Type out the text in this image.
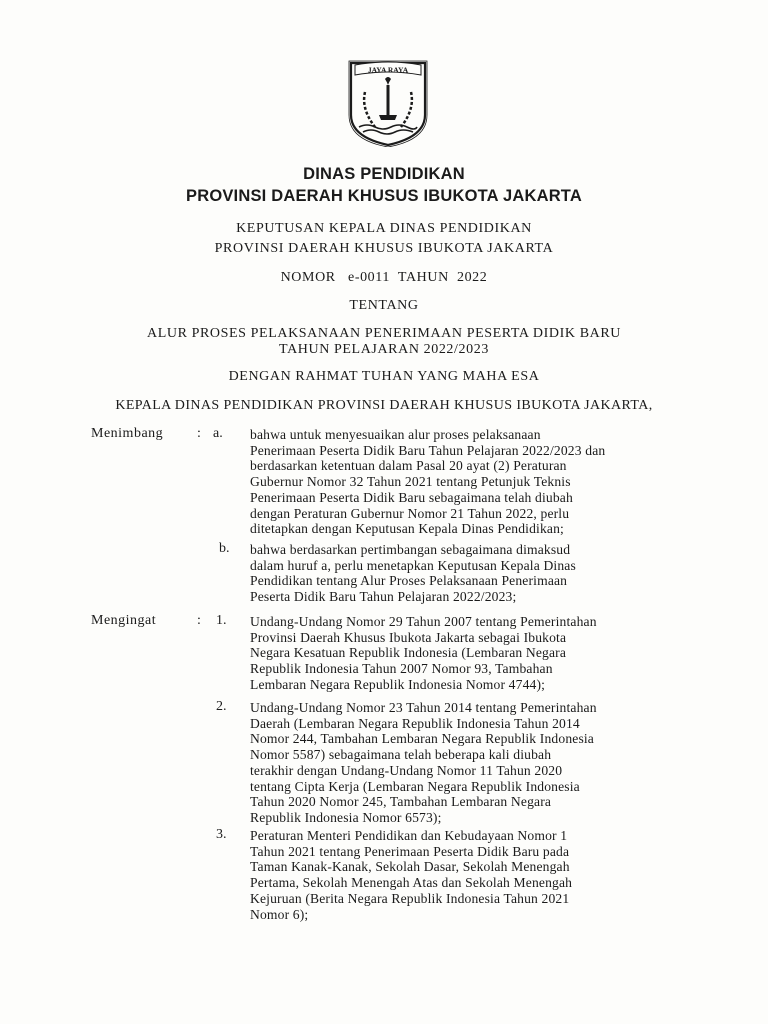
JAYA RAYA
DINAS PENDIDIKAN
PROVINSI DAERAH KHUSUS IBUKOTA JAKARTA
KEPUTUSAN KEPALA DINAS PENDIDIKAN
PROVINSI DAERAH KHUSUS IBUKOTA JAKARTA
NOMOR   e-0011  TAHUN  2022
TENTANG
ALUR PROSES PELAKSANAAN PENERIMAAN PESERTA DIDIK BARU
TAHUN PELAJARAN 2022/2023
DENGAN RAHMAT TUHAN YANG MAHA ESA
KEPALA DINAS PENDIDIKAN PROVINSI DAERAH KHUSUS IBUKOTA JAKARTA,
Menimbang : a. bahwa untuk menyesuaikan alur proses pelaksanaan
Penerimaan Peserta Didik Baru Tahun Pelajaran 2022/2023 dan
berdasarkan ketentuan dalam Pasal 20 ayat (2) Peraturan
Gubernur Nomor 32 Tahun 2021 tentang Petunjuk Teknis
Penerimaan Peserta Didik Baru sebagaimana telah diubah
dengan Peraturan Gubernur Nomor 21 Tahun 2022, perlu
ditetapkan dengan Keputusan Kepala Dinas Pendidikan;
b. bahwa berdasarkan pertimbangan sebagaimana dimaksud
dalam huruf a, perlu menetapkan Keputusan Kepala Dinas
Pendidikan tentang Alur Proses Pelaksanaan Penerimaan
Peserta Didik Baru Tahun Pelajaran 2022/2023;
Mengingat	: 1. Undang-Undang Nomor 29 Tahun 2007 tentang Pemerintahan
Provinsi Daerah Khusus Ibukota Jakarta sebagai Ibukota
Negara Kesatuan Republik Indonesia (Lembaran Negara
Republik Indonesia Tahun 2007 Nomor 93, Tambahan
Lembaran Negara Republik Indonesia Nomor 4744);
2. Undang-Undang Nomor 23 Tahun 2014 tentang Pemerintahan
Daerah (Lembaran Negara Republik Indonesia Tahun 2014
Nomor 244, Tambahan Lembaran Negara Republik Indonesia
Nomor 5587) sebagaimana telah beberapa kali diubah
terakhir dengan Undang-Undang Nomor 11 Tahun 2020
tentang Cipta Kerja (Lembaran Negara Republik Indonesia
Tahun 2020 Nomor 245, Tambahan Lembaran Negara
Republik Indonesia Nomor 6573);
3. Peraturan Menteri Pendidikan dan Kebudayaan Nomor 1
Tahun 2021 tentang Penerimaan Peserta Didik Baru pada
Taman Kanak-Kanak, Sekolah Dasar, Sekolah Menengah
Pertama, Sekolah Menengah Atas dan Sekolah Menengah
Kejuruan (Berita Negara Republik Indonesia Tahun 2021
Nomor 6);
